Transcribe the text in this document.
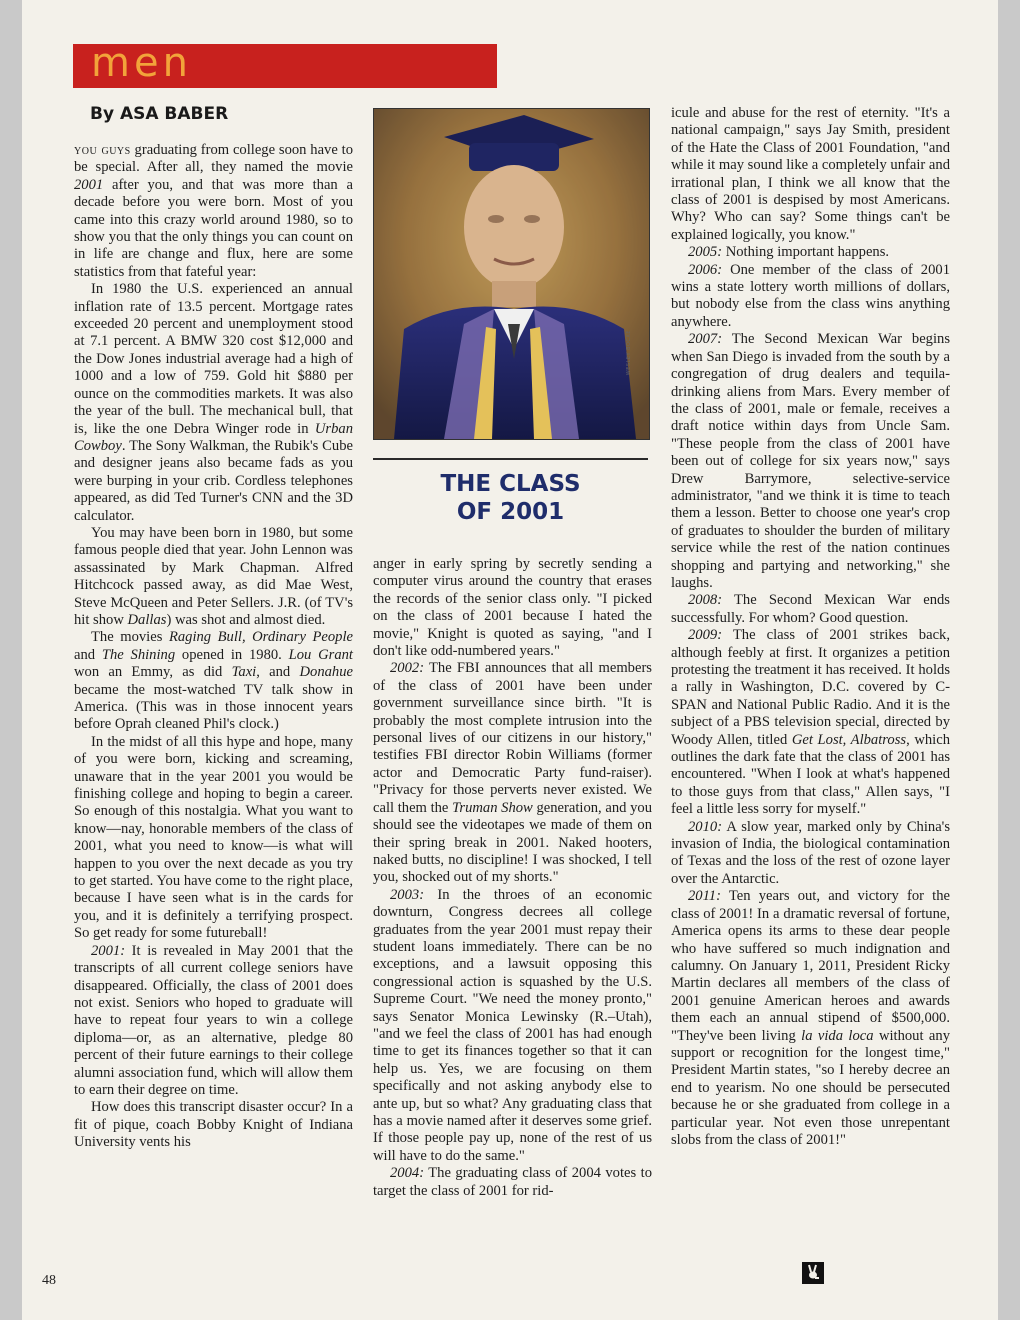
men
By ASA BABER

you guys graduating from college soon have to be special. After all, they named the movie 2001 after you, and that was more than a decade before you were born. Most of you came into this crazy world around 1980, so to show you that the only things you can count on in life are change and flux, here are some statistics from that fateful year:

In 1980 the U.S. experienced an annual inflation rate of 13.5 percent. Mortgage rates exceeded 20 percent and unemployment stood at 7.1 percent. A BMW 320 cost $12,000 and the Dow Jones industrial average had a high of 1000 and a low of 759. Gold hit $880 per ounce on the commodities markets. It was also the year of the bull. The mechanical bull, that is, like the one Debra Winger rode in Urban Cowboy. The Sony Walkman, the Rubik's Cube and designer jeans also became fads as you were burping in your crib. Cordless telephones appeared, as did Ted Turner's CNN and the 3D calculator.

You may have been born in 1980, but some famous people died that year. John Lennon was assassinated by Mark Chapman. Alfred Hitchcock passed away, as did Mae West, Steve McQueen and Peter Sellers. J.R. (of TV's hit show Dallas) was shot and almost died.

The movies Raging Bull, Ordinary People and The Shining opened in 1980. Lou Grant won an Emmy, as did Taxi, and Donahue became the most-watched TV talk show in America. (This was in those innocent years before Oprah cleaned Phil's clock.)

In the midst of all this hype and hope, many of you were born, kicking and screaming, unaware that in the year 2001 you would be finishing college and hoping to begin a career. So enough of this nostalgia. What you want to know—nay, honorable members of the class of 2001, what you need to know—is what will happen to you over the next decade as you try to get started. You have come to the right place, because I have seen what is in the cards for you, and it is definitely a terrifying prospect. So get ready for some futureball!

2001: It is revealed in May 2001 that the transcripts of all current college seniors have disappeared. Officially, the class of 2001 does not exist. Seniors who hoped to graduate will have to repeat four years to win a college diploma—or, as an alternative, pledge 80 percent of their future earnings to their college alumni association fund, which will allow them to earn their degree on time.

How does this transcript disaster occur? In a fit of pique, coach Bobby Knight of Indiana University vents his

WESLEY BOCXE
THE CLASS
OF 2001

anger in early spring by secretly sending a computer virus around the country that erases the records of the senior class only. "I picked on the class of 2001 because I hated the movie," Knight is quoted as saying, "and I don't like odd-numbered years."

2002: The FBI announces that all members of the class of 2001 have been under government surveillance since birth. "It is probably the most complete intrusion into the personal lives of our citizens in our history," testifies FBI director Robin Williams (former actor and Democratic Party fund-raiser). "Privacy for those perverts never existed. We call them the Truman Show generation, and you should see the videotapes we made of them on their spring break in 2001. Naked hooters, naked butts, no discipline! I was shocked, I tell you, shocked out of my shorts."

2003: In the throes of an economic downturn, Congress decrees all college graduates from the year 2001 must repay their student loans immediately. There can be no exceptions, and a lawsuit opposing this congressional action is squashed by the U.S. Supreme Court. "We need the money pronto," says Senator Monica Lewinsky (R.–Utah), "and we feel the class of 2001 has had enough time to get its finances together so that it can help us. Yes, we are focusing on them specifically and not asking anybody else to ante up, but so what? Any graduating class that has a movie named after it deserves some grief. If those people pay up, none of the rest of us will have to do the same."

2004: The graduating class of 2004 votes to target the class of 2001 for rid-

icule and abuse for the rest of eternity. "It's a national campaign," says Jay Smith, president of the Hate the Class of 2001 Foundation, "and while it may sound like a completely unfair and irrational plan, I think we all know that the class of 2001 is despised by most Americans. Why? Who can say? Some things can't be explained logically, you know."

2005: Nothing important happens.

2006: One member of the class of 2001 wins a state lottery worth millions of dollars, but nobody else from the class wins anything anywhere.

2007: The Second Mexican War begins when San Diego is invaded from the south by a congregation of drug dealers and tequila-drinking aliens from Mars. Every member of the class of 2001, male or female, receives a draft notice within days from Uncle Sam. "These people from the class of 2001 have been out of college for six years now," says Drew Barrymore, selective-service administrator, "and we think it is time to teach them a lesson. Better to choose one year's crop of graduates to shoulder the burden of military service while the rest of the nation continues shopping and partying and networking," she laughs.

2008: The Second Mexican War ends successfully. For whom? Good question.

2009: The class of 2001 strikes back, although feebly at first. It organizes a petition protesting the treatment it has received. It holds a rally in Washington, D.C. covered by C-SPAN and National Public Radio. And it is the subject of a PBS television special, directed by Woody Allen, titled Get Lost, Albatross, which outlines the dark fate that the class of 2001 has encountered. "When I look at what's happened to those guys from that class," Allen says, "I feel a little less sorry for myself."

2010: A slow year, marked only by China's invasion of India, the biological contamination of Texas and the loss of the rest of ozone layer over the Antarctic.

2011: Ten years out, and victory for the class of 2001! In a dramatic reversal of fortune, America opens its arms to these dear people who have suffered so much indignation and calumny. On January 1, 2011, President Ricky Martin declares all members of the class of 2001 genuine American heroes and awards them each an annual stipend of $500,000. "They've been living la vida loca without any support or recognition for the longest time," President Martin states, "so I hereby decree an end to yearism. No one should be persecuted because he or she graduated from college in a particular year. Not even those unrepentant slobs from the class of 2001!"

48
